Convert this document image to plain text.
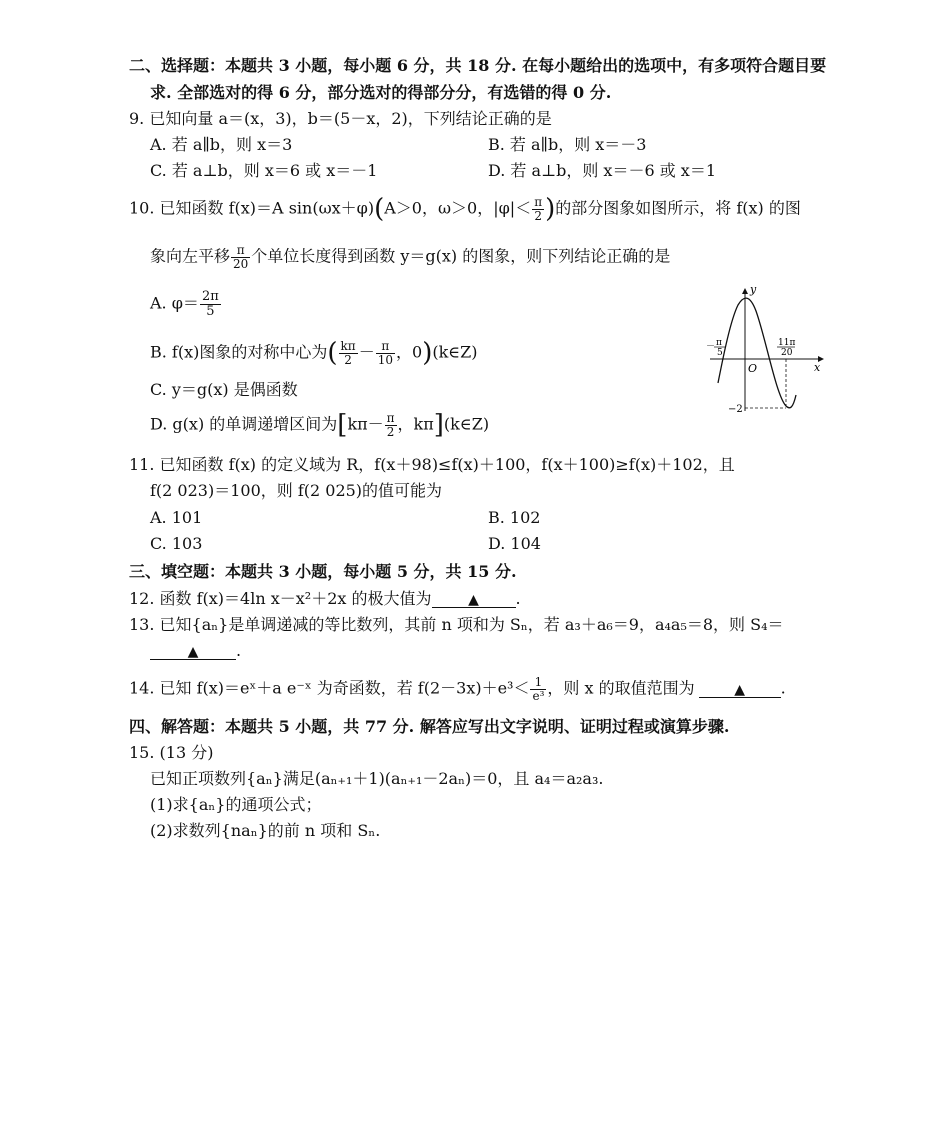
二、选择题：本题共 3 小题，每小题 6 分，共 18 分. 在每小题给出的选项中，有多项符合题目要
求. 全部选对的得 6 分，部分选对的得部分分，有选错的得 0 分.
9. 已知向量 a＝(x，3)，b＝(5－x，2)，下列结论正确的是
A. 若 a∥b，则 x＝3	B. 若 a∥b，则 x＝－3
C. 若 a⊥b，则 x＝6 或 x＝－1	D. 若 a⊥b，则 x＝－6 或 x＝1
10. 已知函数 f(x)＝A sin(ωx＋φ)(A＞0，ω＞0，$|\varphi|< \frac{\pi}{2}$ )的部分图象如图所示，将 f(x) 的图
象向左平移 $\frac{\pi}{20}$ 个单位长度得到函数 y＝g(x) 的图象，则下列结论正确的是
A. $\varphi= \frac{2\pi}{5}$
B. f(x)图象的对称中心为( $\frac{k\pi}{2} - \frac{\pi}{10}$ ，0)(k∈Z)
C. y＝g(x) 是偶函数
D. g(x) 的单调递增区间为[$k\pi- \frac{\pi}{2}$ ，kπ](k∈Z)
y
x
O
－ π
5
11π
20
−2
11. 已知函数 f(x) 的定义域为 R，f(x＋98)≤f(x)＋100，f(x＋100)≥f(x)＋102，且
f(2 023)＝100，则 f(2 025)的值可能为
A. 101	B. 102
C. 103	D. 104
三、填空题：本题共 3 小题，每小题 5 分，共 15 分.
12. 函数 f(x)＝4ln x－x²＋2x 的极大值为	▲ .
13. 已知{aₙ}是单调递减的等比数列，其前 n 项和为 Sₙ，若 a₃＋a₆＝9，a₄a₅＝8，则 S₄＝
▲ .
14. 已知 f(x)＝eˣ＋a e⁻ˣ 为奇函数，若 $f(2-3x)+e^3< \frac{1}{\text{e³}}$ ，则 x 的取值范围为	▲ .
四、解答题：本题共 5 小题，共 77 分. 解答应写出文字说明、证明过程或演算步骤.
15. (13 分)
已知正项数列{aₙ}满足(aₙ₊₁＋1)(aₙ₊₁－2aₙ)＝0，且 a₄＝a₂a₃.
(1)求{aₙ}的通项公式；
(2)求数列{naₙ}的前 n 项和 Sₙ.
